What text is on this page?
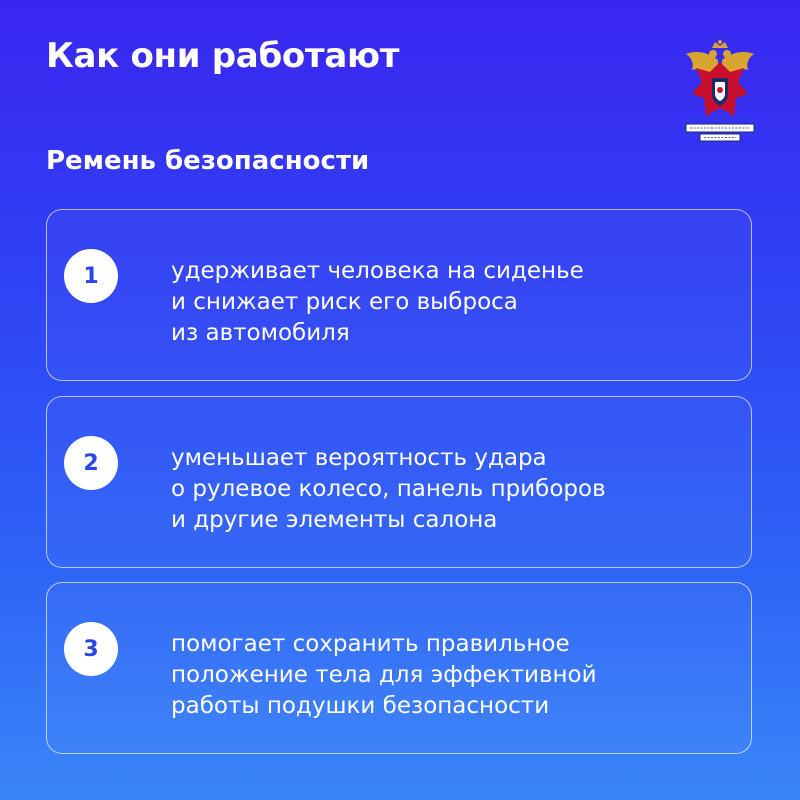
Как они работают
Ремень безопасности
1	удерживает человека на сиденье
и снижает риск его выброса
из автомобиля
2	уменьшает вероятность удара
о рулевое колесо, панель приборов
и другие элементы салона
3	помогает сохранить правильное
положение тела для эффективной
работы подушки безопасности
